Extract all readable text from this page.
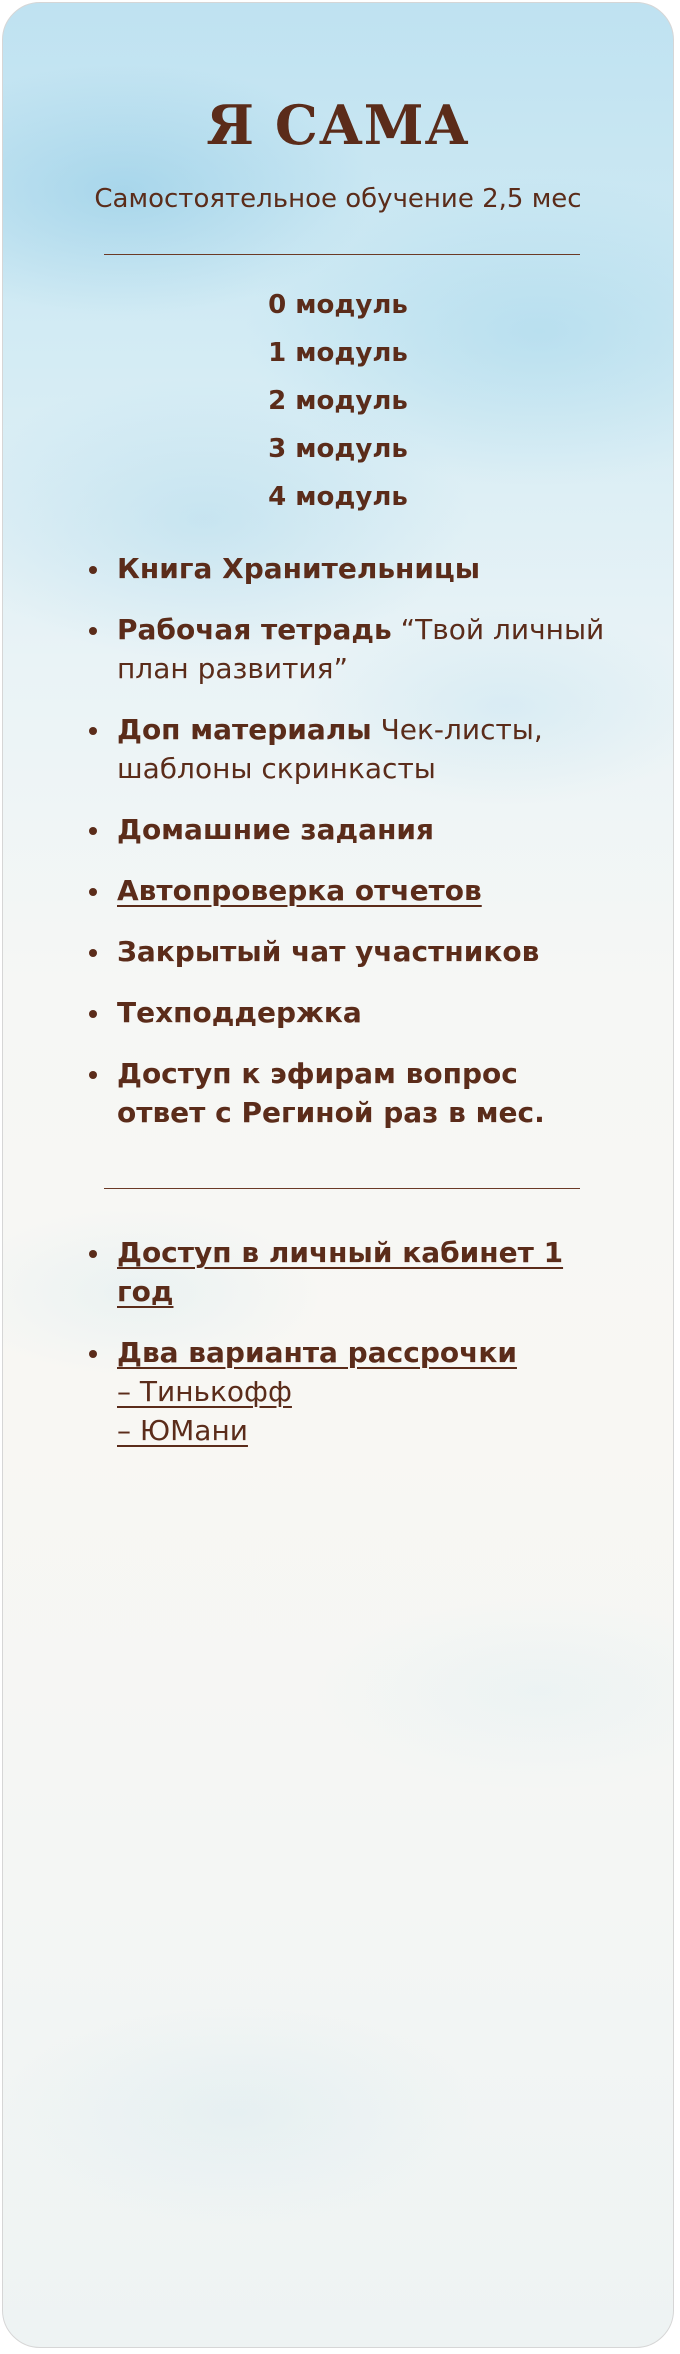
Я САМА
Самостоятельное обучение 2,5 мес
0 модуль
1 модуль
2 модуль
3 модуль
4 модуль
Книга Хранительницы
Рабочая тетрадь “Твой личный план развития”
Доп материалы Чек-листы, шаблоны скринкасты
Домашние задания
Автопроверка отчетов
Закрытый чат участников
Техподдержка
Доступ к эфирам вопрос ответ с Региной раз в мес.
Доступ в личный кабинет 1 год
Два варианта рассрочки
– Тинькофф
– ЮМани
